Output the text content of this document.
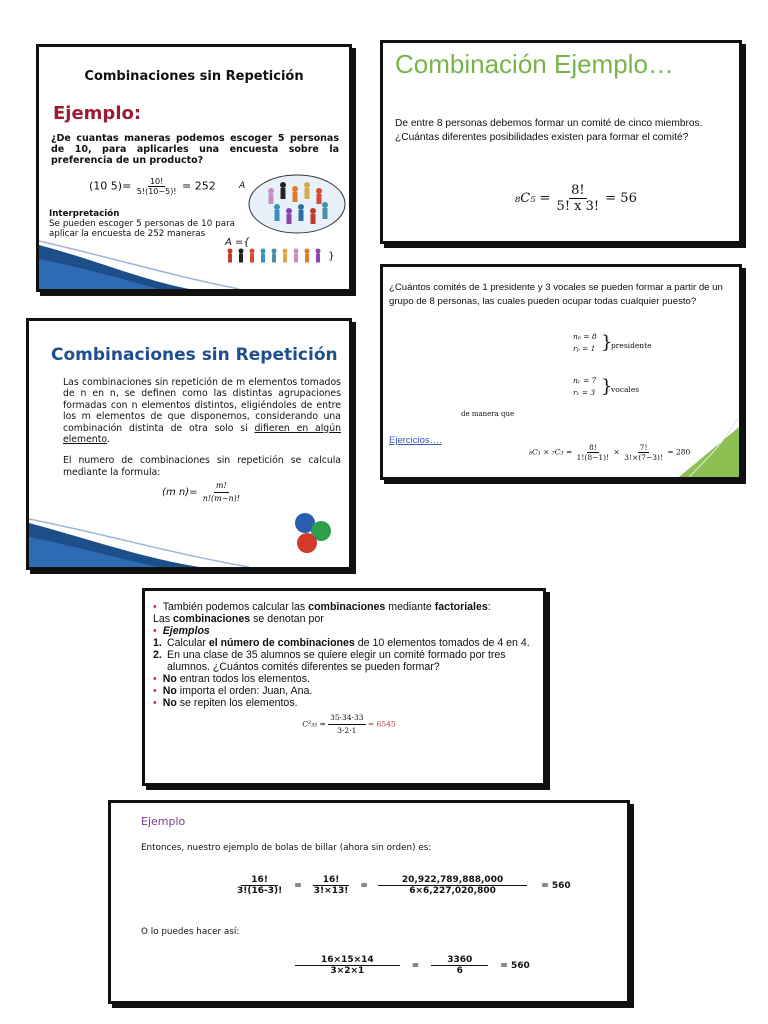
Combinaciones sin Repetición
Ejemplo:
¿De cuantas maneras podemos escoger 5 personas de 10, para aplicarles una encuesta sobre la preferencia de un producto?
(10 $5)= \frac{10!}{5!(10-5)!} = 252$
Interpretación
Se pueden escoger 5 personas de 10 para aplicar la encuesta de 252 maneras
A
A ={  }
Combinación Ejemplo…
De entre 8 personas debemos formar un comité de cinco miembros. ¿Cuántas diferentes posibilidades existen para formar el comité?
$_8C_5 = \frac{8!}{5! x 3!} = 56$
¿Cuántos comités de 1 presidente y 3 vocales se pueden formar a partir de un grupo de 8 personas, las cuales pueden ocupar todas cualquier puesto?
nₚ = 8
rₚ = 1 }
presidente
nᵥ = 7
rᵥ = 3 }
vocales
de manera que
Ejercicios….
$_8C_1 \times _7C_3 = \frac{8!}{1!(8-1)!} \times \frac{7!}{3!\times(7-3)!} = 280$
Combinaciones sin Repetición
Las combinaciones sin repetición de m elementos tomados de n en n, se definen como las distintas agrupaciones formadas con n elementos distintos, eligiéndoles de entre los m elementos de que disponemos, considerando una combinación distinta de otra solo si difieren en algún elemento.
El numero de combinaciones sin repetición se calcula mediante la formula:
(m $n)= \frac{m!}{n!(m-n)!}$
• También podemos calcular las combinaciones mediante factoriales:
Las combinaciones se denotan por
• Ejemplos
1. Calcular el número de combinaciones de 10 elementos tomados de 4 en 4.
2. En una clase de 35 alumnos se quiere elegir un comité formado por tres alumnos. ¿Cuántos comités diferentes se pueden formar?
• No entran todos los elementos.
• No importa el orden: Juan, Ana.
• No se repiten los elementos.
$C^3_{35} = \frac{35\cdot 34\cdot 33}{3\cdot 2\cdot 1} = 6545$
Ejemplo
Entonces, nuestro ejemplo de bolas de billar (ahora sin orden) es:
$\frac{16!}{3!(16-3)!} = \frac{16!}{3!\times 13!} = \frac{20,922,789,888,000}{6\times 6,227,020,800} = 560$
O lo puedes hacer así:
$\frac{16\times 15\times 14}{3\times 2\times 1} = \frac{3360}{6} = 560$
